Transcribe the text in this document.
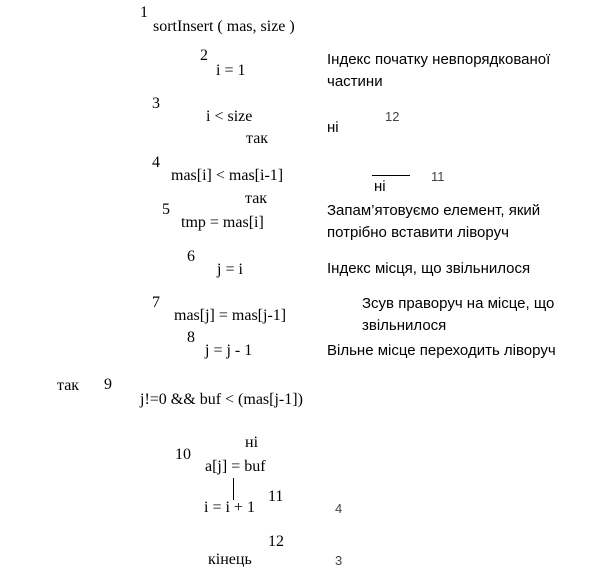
1
sortInsert ( mas, size )
2
i = 1
Індекс початку невпорядкованої частини
3
i < size
так
ні
12
4
mas[i] < mas[i-1]
так
ні
11
5
tmp = mas[i]
Запам’ятовуємо елемент, який потрібно вставити ліворуч
6
j = i	Індекс місця, що звільнилося
7
mas[j] = mas[j-1]
Зсув праворуч на місце, що звільнилося
8
j = j - 1	Вільне місце переходить ліворуч
так 9
j!=0 && buf < (mas[j-1])
ні
10
a[j] = buf
11
i = i + 1	4
12
кінець	3
